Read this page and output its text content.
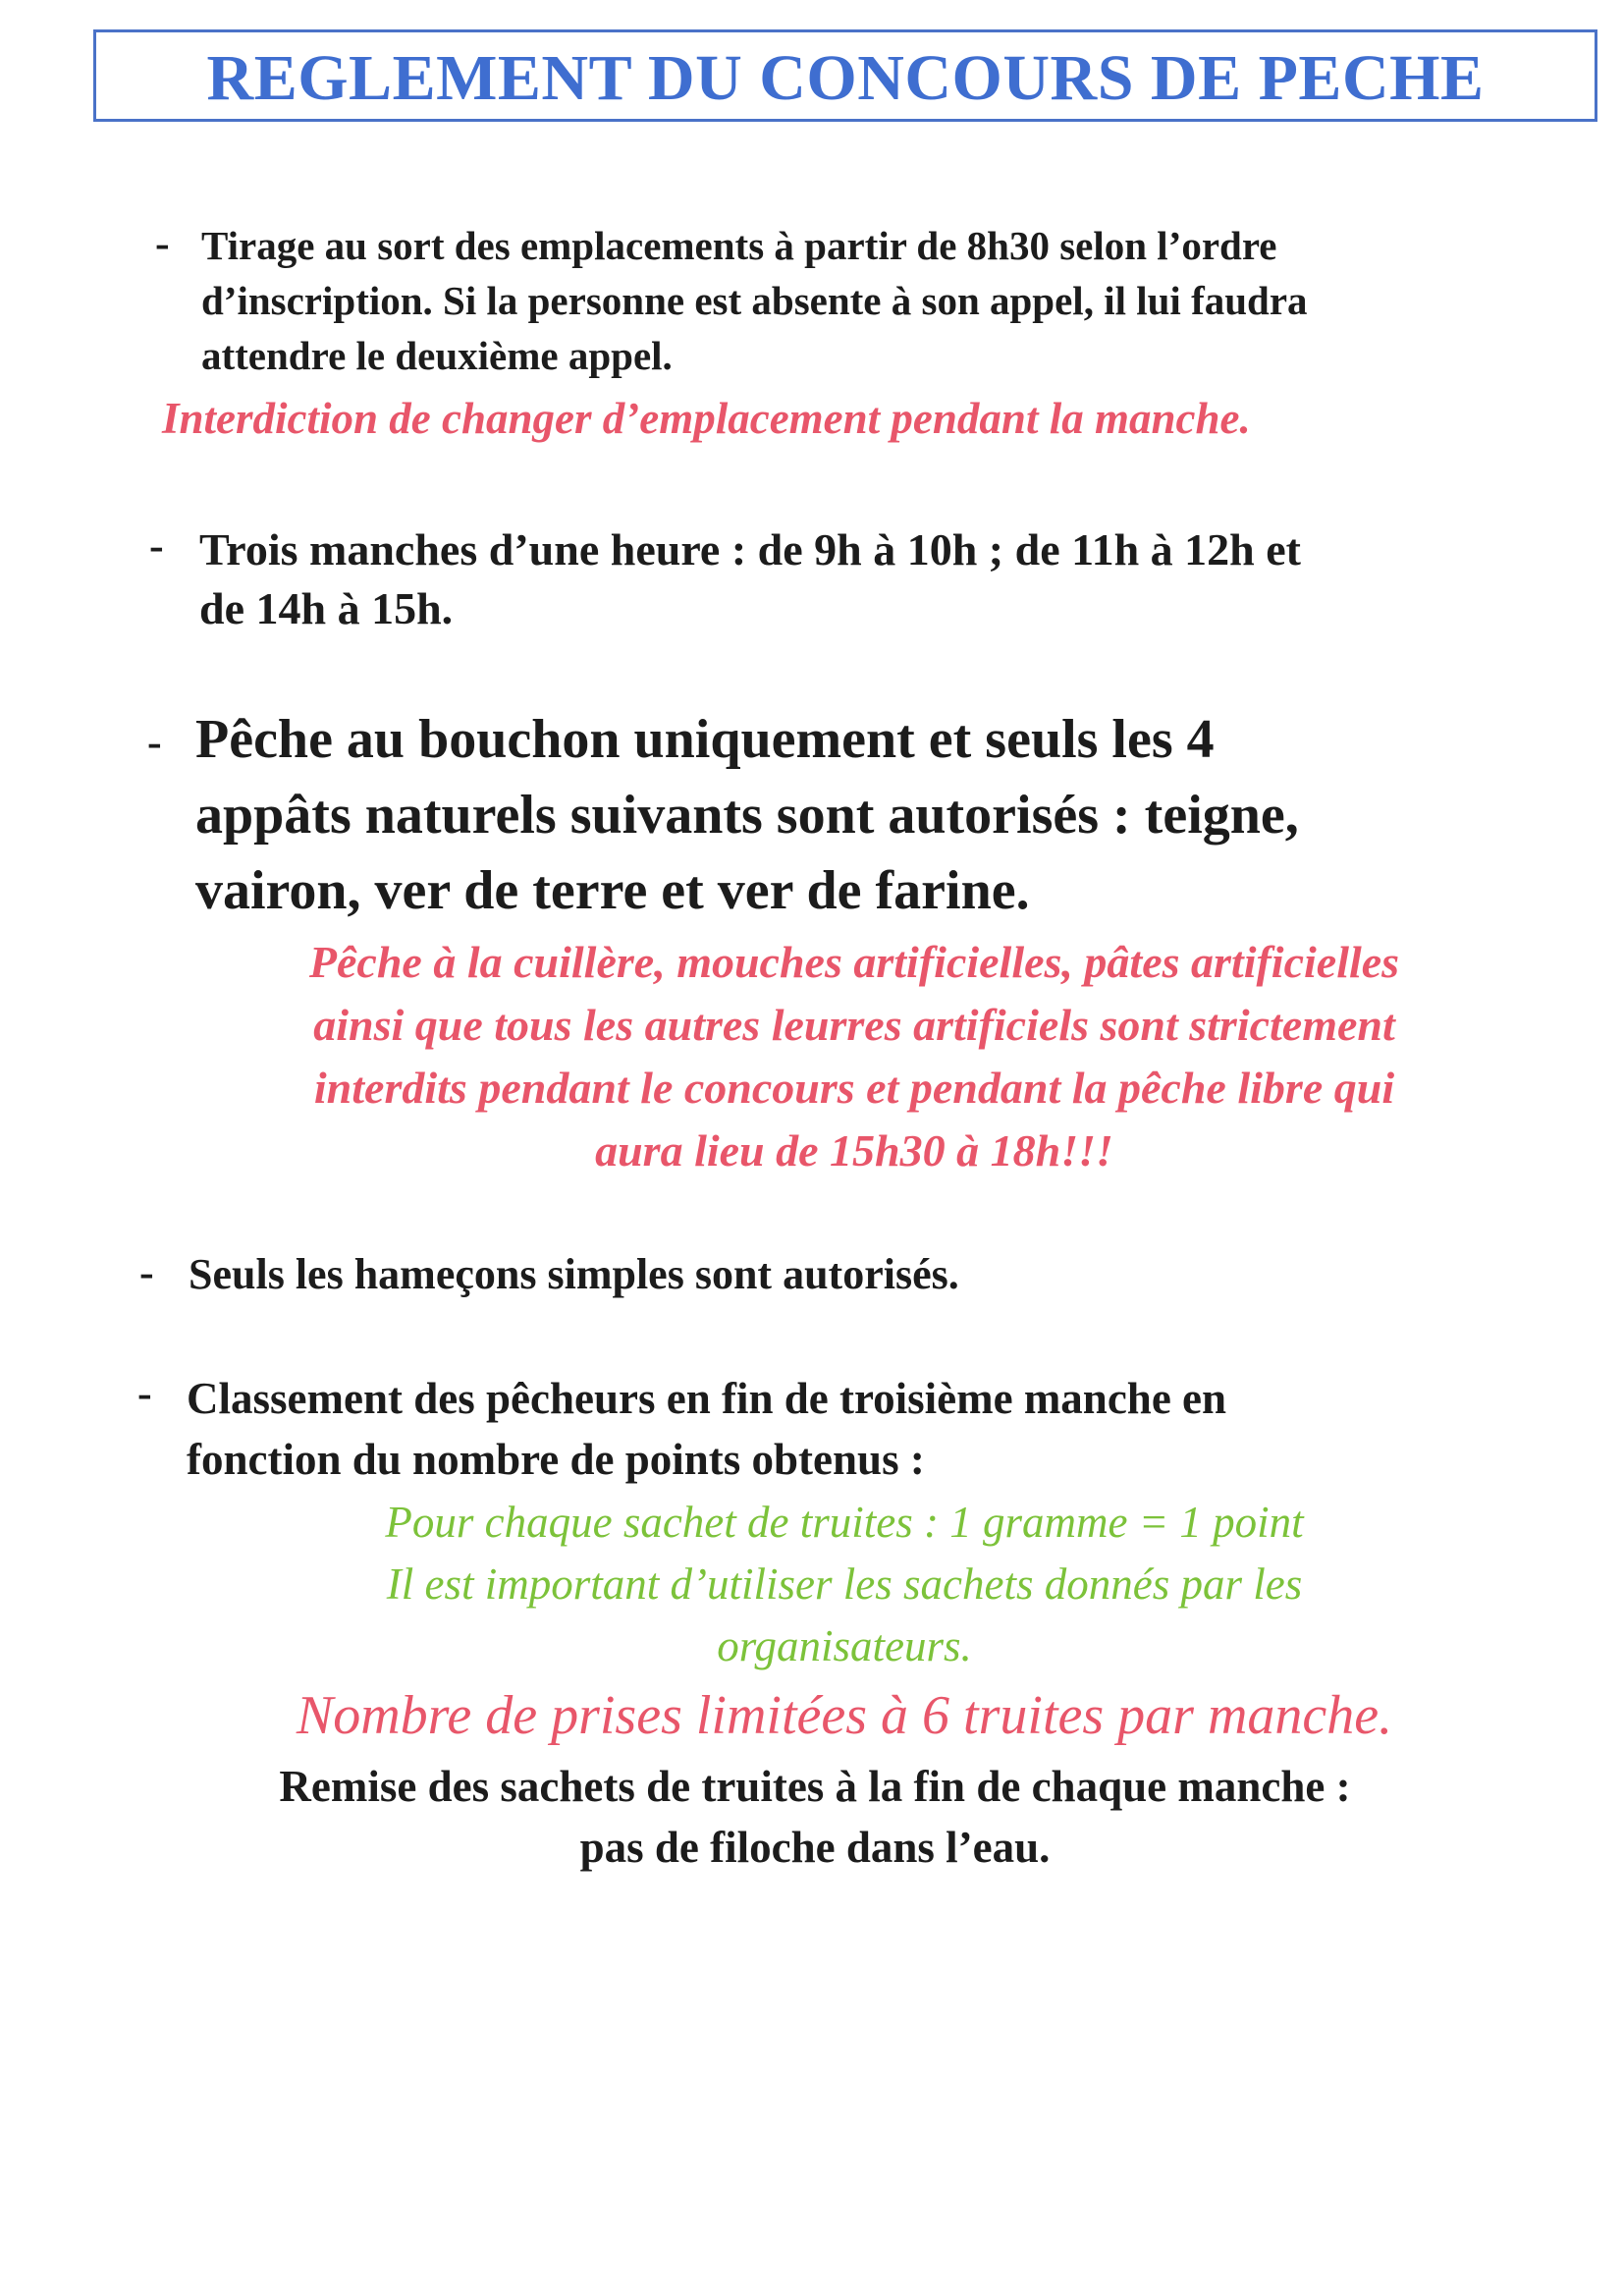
REGLEMENT DU CONCOURS DE PECHE
- Tirage au sort des emplacements à partir de 8h30 selon l’ordre
d’inscription. Si la personne est absente à son appel, il lui faudra
attendre le deuxième appel.
Interdiction de changer d’emplacement pendant la manche.
- Trois manches d’une heure : de 9h à 10h ; de 11h à 12h et
de 14h à 15h.
- Pêche au bouchon uniquement et seuls les 4
appâts naturels suivants sont autorisés : teigne,
vairon, ver de terre et ver de farine.
Pêche à la cuillère, mouches artificielles, pâtes artificielles
ainsi que tous les autres leurres artificiels sont strictement
interdits pendant le concours et pendant la pêche libre qui
aura lieu de 15h30 à 18h!!!
- Seuls les hameçons simples sont autorisés.
- Classement des pêcheurs en fin de troisième manche en
fonction du nombre de points obtenus :
Pour chaque sachet de truites : 1 gramme = 1 point
Il est important d’utiliser les sachets donnés par les
organisateurs.
Nombre de prises limitées à 6 truites par manche.
Remise des sachets de truites à la fin de chaque manche :
pas de filoche dans l’eau.
